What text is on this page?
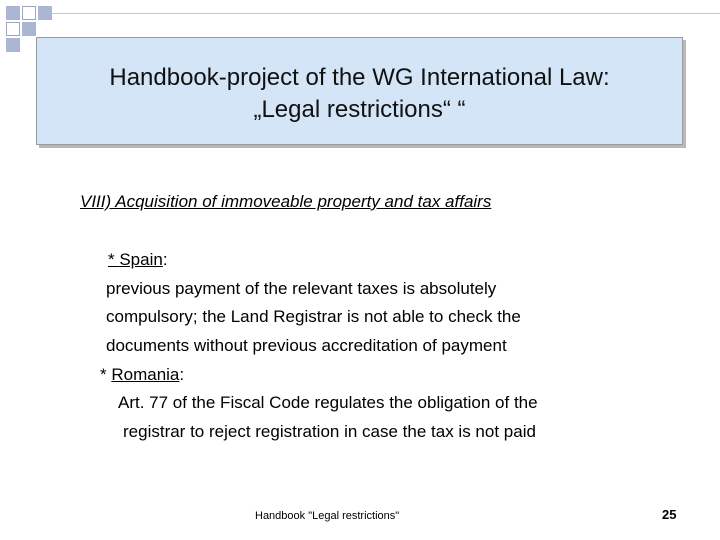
Handbook-project of the WG International Law:
„Legal restrictions“ “
VIII) Acquisition of immoveable property and tax affairs
* Spain:
previous payment of the relevant taxes is absolutely
compulsory; the Land Registrar is not able to check the
documents without previous accreditation of payment
* Romania:
Art. 77 of the Fiscal Code regulates the obligation of the
registrar to reject registration in case the tax is not paid
Handbook "Legal restrictions"	25
